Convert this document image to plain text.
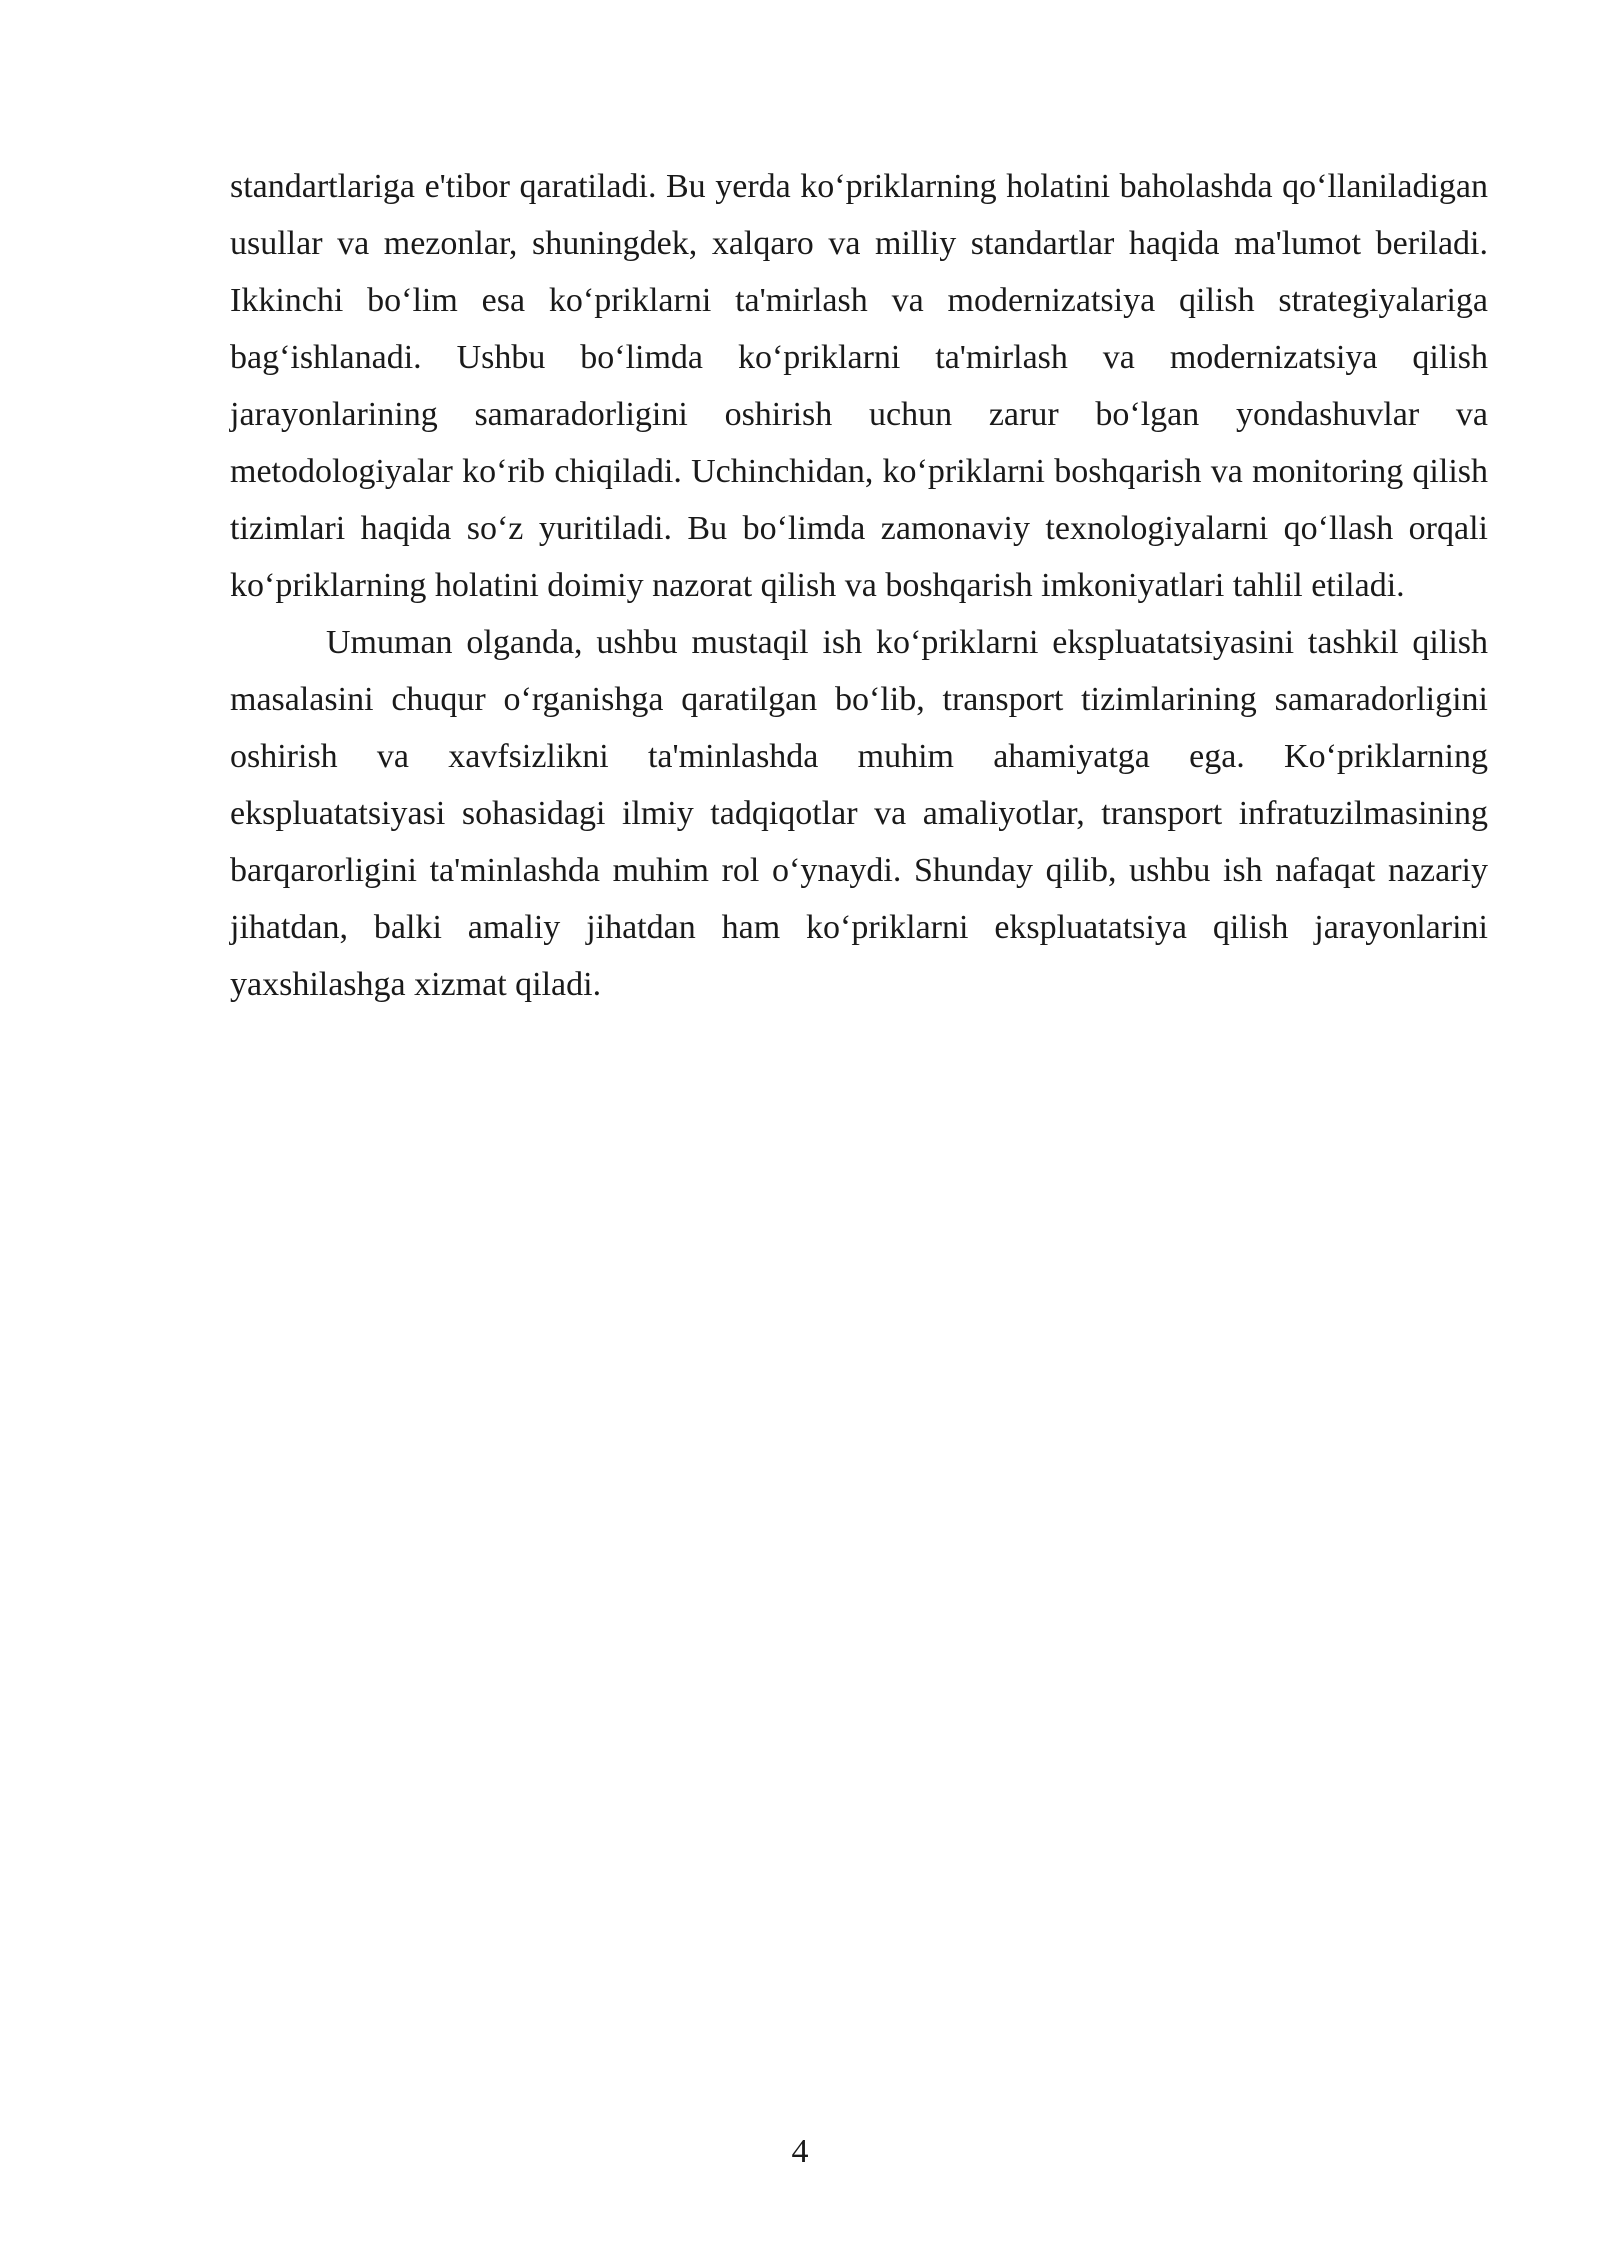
standartlariga e'tibor qaratiladi. Bu yerda ko‘priklarning holatini baholashda qo‘llaniladigan usullar va mezonlar, shuningdek, xalqaro va milliy standartlar haqida ma'lumot beriladi. Ikkinchi bo‘lim esa ko‘priklarni ta'mirlash va modernizatsiya qilish strategiyalariga bag‘ishlanadi. Ushbu bo‘limda ko‘priklarni ta'mirlash va modernizatsiya qilish jarayonlarining samaradorligini oshirish uchun zarur bo‘lgan yondashuvlar va metodologiyalar ko‘rib chiqiladi. Uchinchidan, ko‘priklarni boshqarish va monitoring qilish tizimlari haqida so‘z yuritiladi. Bu bo‘limda zamonaviy texnologiyalarni qo‘llash orqali ko‘priklarning holatini doimiy nazorat qilish va boshqarish imkoniyatlari tahlil etiladi.

Umuman olganda, ushbu mustaqil ish ko‘priklarni ekspluatatsiyasini tashkil qilish masalasini chuqur o‘rganishga qaratilgan bo‘lib, transport tizimlarining samaradorligini oshirish va xavfsizlikni ta'minlashda muhim ahamiyatga ega. Ko‘priklarning ekspluatatsiyasi sohasidagi ilmiy tadqiqotlar va amaliyotlar, transport infratuzilmasining barqarorligini ta'minlashda muhim rol o‘ynaydi. Shunday qilib, ushbu ish nafaqat nazariy jihatdan, balki amaliy jihatdan ham ko‘priklarni ekspluatatsiya qilish jarayonlarini yaxshilashga xizmat qiladi.

4
